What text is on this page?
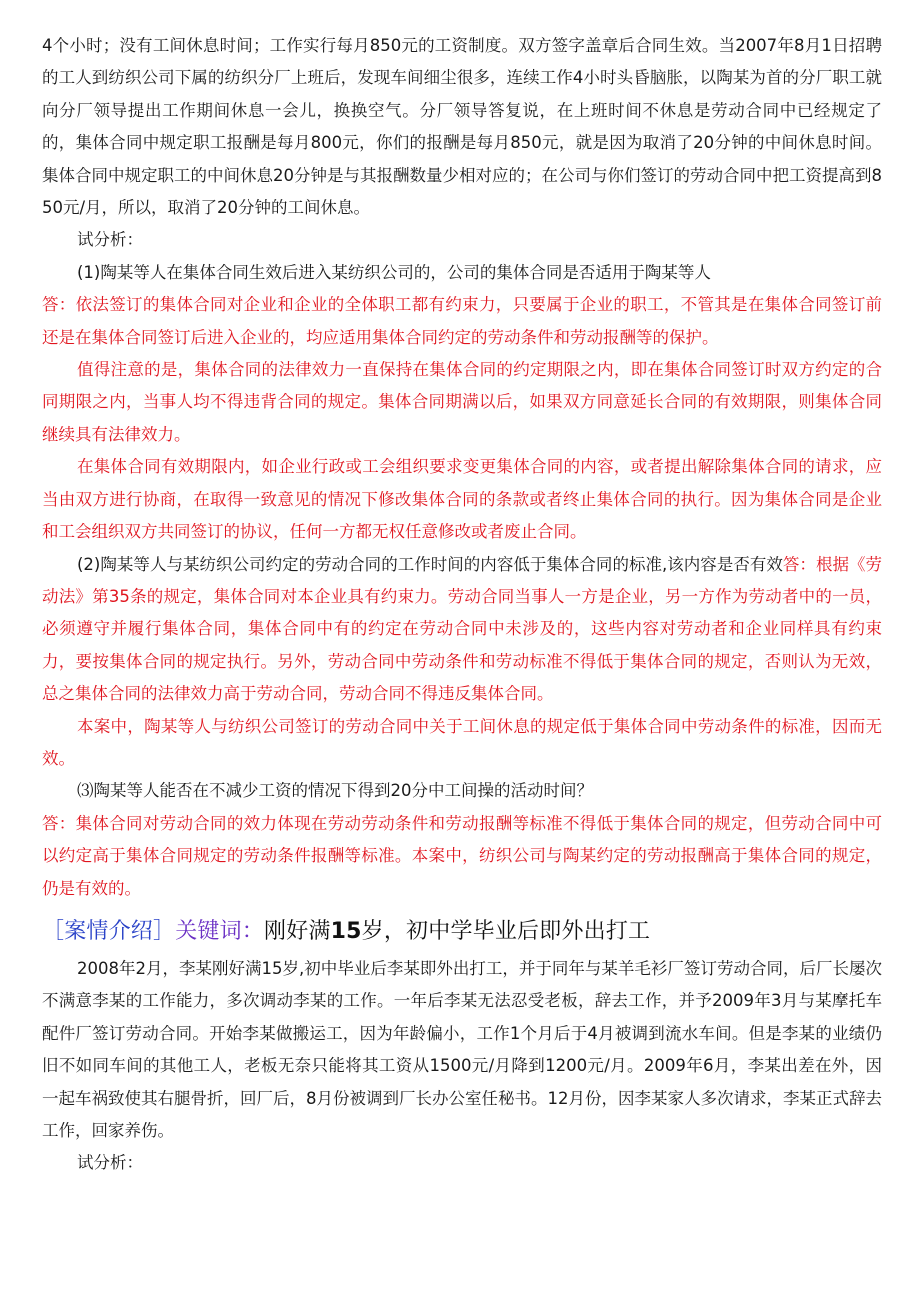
4个小时；没有工间休息时间；工作实行每月850元的工资制度。双方签字盖章后合同生效。当2007年8月1日招聘的工人到纺织公司下属的纺织分厂上班后，发现车间细尘很多，连续工作4小时头昏脑胀，以陶某为首的分厂职工就向分厂领导提出工作期间休息一会儿，换换空气。分厂领导答复说，在上班时间不休息是劳动合同中已经规定了的，集体合同中规定职工报酬是每月800元，你们的报酬是每月850元，就是因为取消了20分钟的中间休息时间。集体合同中规定职工的中间休息20分钟是与其报酬数量少相对应的；在公司与你们签订的劳动合同中把工资提高到850元/月，所以，取消了20分钟的工间休息。

试分析：

(1)陶某等人在集体合同生效后进入某纺织公司的，公司的集体合同是否适用于陶某等人

答：依法签订的集体合同对企业和企业的全体职工都有约束力，只要属于企业的职工，不管其是在集体合同签订前还是在集体合同签订后进入企业的，均应适用集体合同约定的劳动条件和劳动报酬等的保护。

值得注意的是，集体合同的法律效力一直保持在集体合同的约定期限之内，即在集体合同签订时双方约定的合同期限之内，当事人均不得违背合同的规定。集体合同期满以后，如果双方同意延长合同的有效期限，则集体合同继续具有法律效力。

在集体合同有效期限内，如企业行政或工会组织要求变更集体合同的内容，或者提出解除集体合同的请求，应当由双方进行协商，在取得一致意见的情况下修改集体合同的条款或者终止集体合同的执行。因为集体合同是企业和工会组织双方共同签订的协议，任何一方都无权任意修改或者废止合同。

(2)陶某等人与某纺织公司约定的劳动合同的工作时间的内容低于集体合同的标准,该内容是否有效答：根据《劳动法》第35条的规定，集体合同对本企业具有约束力。劳动合同当事人一方是企业，另一方作为劳动者中的一员，必须遵守并履行集体合同，集体合同中有的约定在劳动合同中未涉及的，这些内容对劳动者和企业同样具有约束力，要按集体合同的规定执行。另外，劳动合同中劳动条件和劳动标准不得低于集体合同的规定，否则认为无效，总之集体合同的法律效力高于劳动合同，劳动合同不得违反集体合同。

本案中，陶某等人与纺织公司签订的劳动合同中关于工间休息的规定低于集体合同中劳动条件的标准，因而无效。

⑶陶某等人能否在不减少工资的情况下得到20分中工间操的活动时间？

答：集体合同对劳动合同的效力体现在劳动劳动条件和劳动报酬等标准不得低于集体合同的规定，但劳动合同中可以约定高于集体合同规定的劳动条件报酬等标准。本案中，纺织公司与陶某约定的劳动报酬高于集体合同的规定，仍是有效的。

［案情介绍］关键词：刚好满15岁，初中学毕业后即外出打工

2008年2月，李某刚好满15岁,初中毕业后李某即外出打工，并于同年与某羊毛衫厂签订劳动合同，后厂长屡次不满意李某的工作能力，多次调动李某的工作。一年后李某无法忍受老板，辞去工作，并予2009年3月与某摩托车配件厂签订劳动合同。开始李某做搬运工，因为年龄偏小，工作1个月后于4月被调到流水车间。但是李某的业绩仍旧不如同车间的其他工人，老板无奈只能将其工资从1500元/月降到1200元/月。2009年6月，李某出差在外，因一起车祸致使其右腿骨折，回厂后，8月份被调到厂长办公室任秘书。12月份，因李某家人多次请求，李某正式辞去工作，回家养伤。

试分析：
